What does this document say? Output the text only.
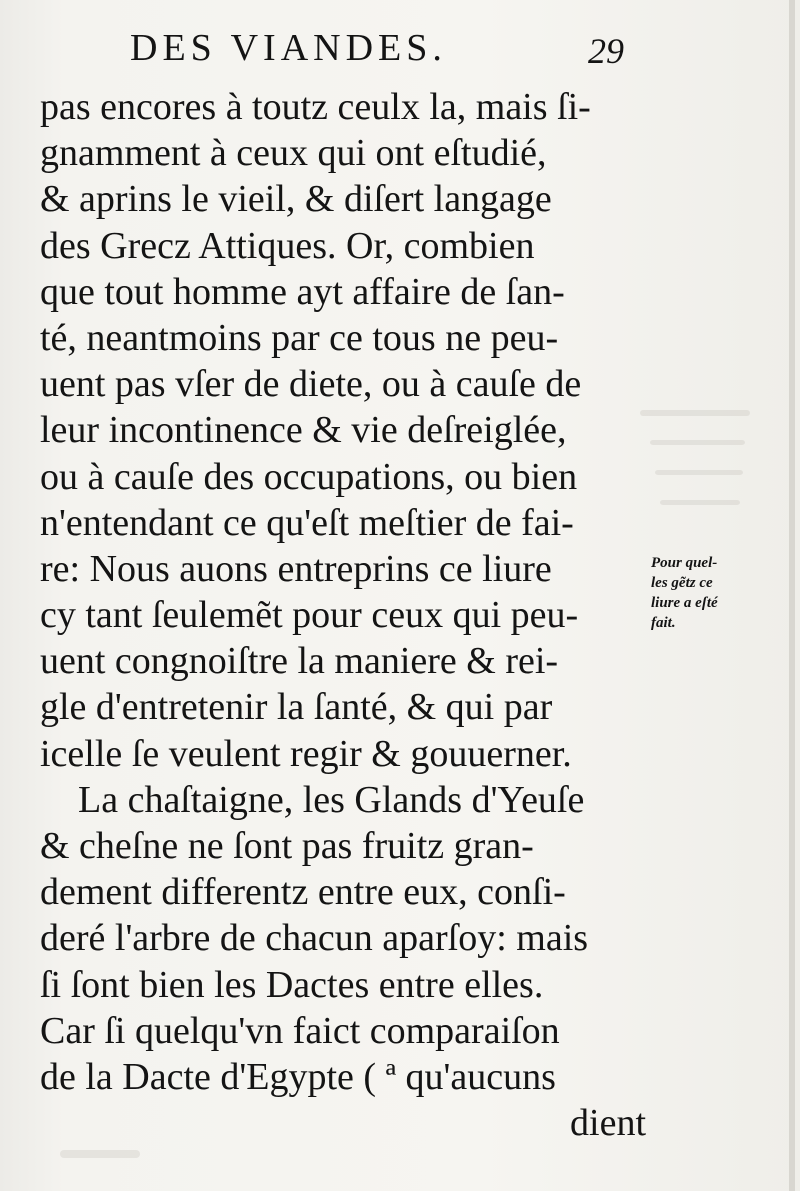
DES VIANDES.	29
pas encores à toutz ceulx la, mais ſi-
gnamment à ceux qui ont eſtudié,
& aprins le vieil, & diſert langage
des Grecz Attiques. Or, combien
que tout homme ayt affaire de ſan-
té, neantmoins par ce tous ne peu-
uent pas vſer de diete, ou à cauſe de
leur incontinence & vie deſreiglée,
ou à cauſe des occupations, ou bien
n'entendant ce qu'eſt meſtier de fai-
re: Nous auons entreprins ce liure
cy tant ſeulemẽt pour ceux qui peu-
uent congnoiſtre la maniere & rei-
gle d'entretenir la ſanté, & qui par
icelle ſe veulent regir & gouuerner.
La chaſtaigne, les Glands d'Yeuſe
& cheſne ne ſont pas fruitz gran-
dement differentz entre eux, conſi-
deré l'arbre de chacun aparſoy: mais
ſi ſont bien les Dactes entre elles.
Car ſi quelqu'vn faict comparaiſon
de la Dacte d'Egypte ( ª qu'aucuns
dient
Pour quel-
les gẽtz ce
liure a eſté
fait.
